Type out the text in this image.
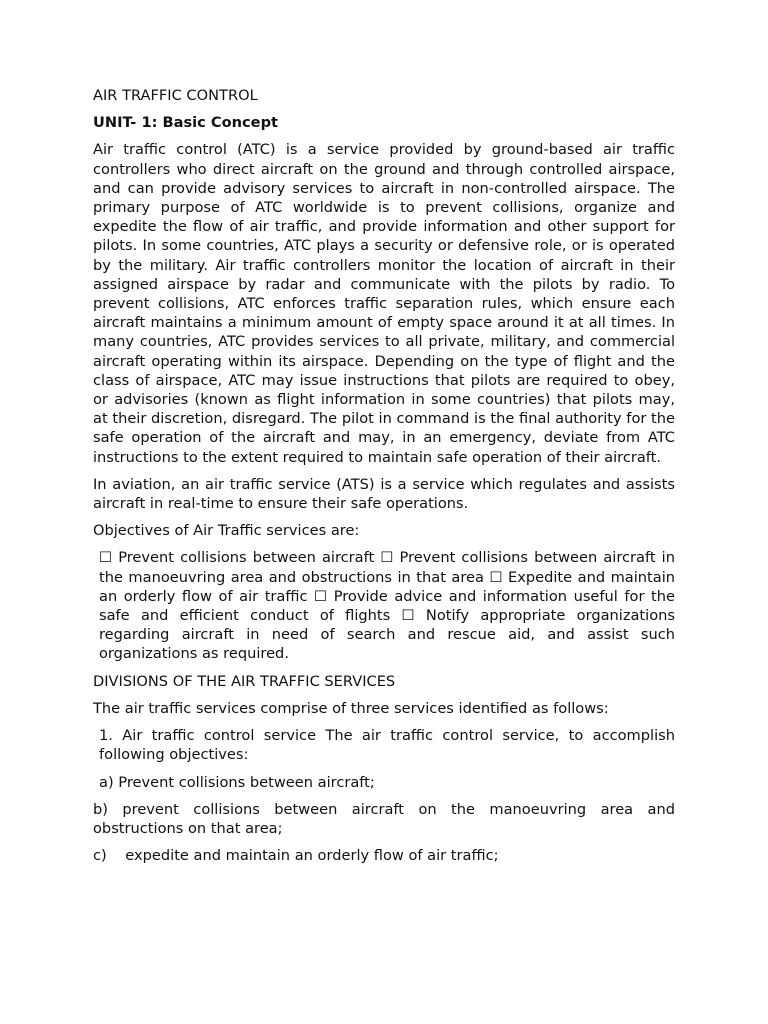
AIR TRAFFIC CONTROL

UNIT- 1: Basic Concept

Air traffic control (ATC) is a service provided by ground-based air traffic controllers who direct aircraft on the ground and through controlled airspace, and can provide advisory services to aircraft in non-controlled airspace. The primary purpose of ATC worldwide is to prevent collisions, organize and expedite the flow of air traffic, and provide information and other support for pilots. In some countries, ATC plays a security or defensive role, or is operated by the military. Air traffic controllers monitor the location of aircraft in their assigned airspace by radar and communicate with the pilots by radio. To prevent collisions, ATC enforces traffic separation rules, which ensure each aircraft maintains a minimum amount of empty space around it at all times. In many countries, ATC provides services to all private, military, and commercial aircraft operating within its airspace. Depending on the type of flight and the class of airspace, ATC may issue instructions that pilots are required to obey, or advisories (known as flight information in some countries) that pilots may, at their discretion, disregard. The pilot in command is the final authority for the safe operation of the aircraft and may, in an emergency, deviate from ATC instructions to the extent required to maintain safe operation of their aircraft.

In aviation, an air traffic service (ATS) is a service which regulates and assists aircraft in real-time to ensure their safe operations.

Objectives of Air Traffic services are:

☐ Prevent collisions between aircraft ☐ Prevent collisions between aircraft in the manoeuvring area and obstructions in that area ☐ Expedite and maintain an orderly flow of air traffic ☐ Provide advice and information useful for the safe and efficient conduct of flights ☐ Notify appropriate organizations regarding aircraft in need of search and rescue aid, and assist such organizations as required.

DIVISIONS OF THE AIR TRAFFIC SERVICES

The air traffic services comprise of three services identified as follows:

1. Air traffic control service The air traffic control service, to accomplish following objectives:

a) Prevent collisions between aircraft;

b) prevent collisions between aircraft on the manoeuvring area and obstructions on that area;

c)    expedite and maintain an orderly flow of air traffic;
